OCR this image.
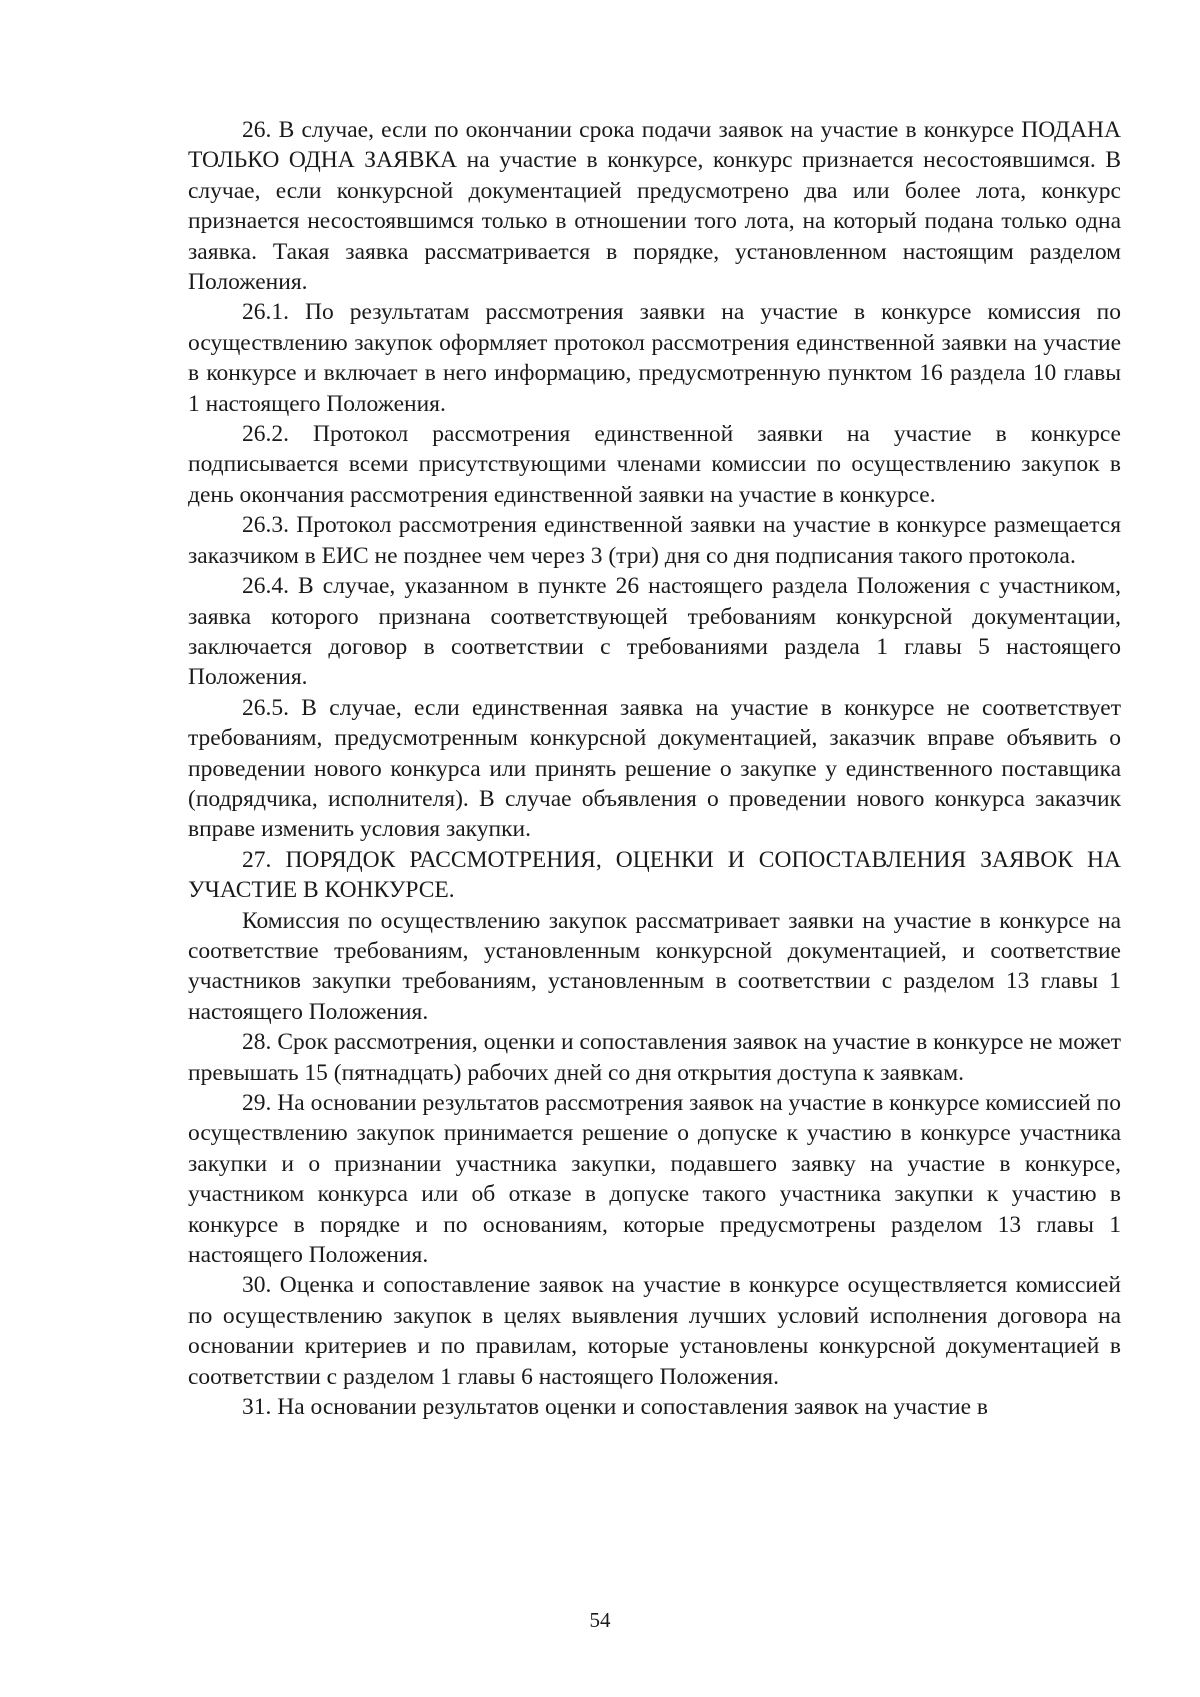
26. В случае, если по окончании срока подачи заявок на участие в конкурсе ПОДАНА ТОЛЬКО ОДНА ЗАЯВКА на участие в конкурсе, конкурс признается несостоявшимся. В случае, если конкурсной документацией предусмотрено два или более лота, конкурс признается несостоявшимся только в отношении того лота, на который подана только одна заявка. Такая заявка рассматривается в порядке, установленном настоящим разделом Положения.

26.1. По результатам рассмотрения заявки на участие в конкурсе комиссия по осуществлению закупок оформляет протокол рассмотрения единственной заявки на участие в конкурсе и включает в него информацию, предусмотренную пунктом 16 раздела 10 главы 1 настоящего Положения.

26.2. Протокол рассмотрения единственной заявки на участие в конкурсе подписывается всеми присутствующими членами комиссии по осуществлению закупок в день окончания рассмотрения единственной заявки на участие в конкурсе.

26.3. Протокол рассмотрения единственной заявки на участие в конкурсе размещается заказчиком в ЕИС не позднее чем через 3 (три) дня со дня подписания такого протокола.

26.4. В случае, указанном в пункте 26 настоящего раздела Положения с участником, заявка которого признана соответствующей требованиям конкурсной документации, заключается договор в соответствии с требованиями раздела 1 главы 5 настоящего Положения.

26.5. В случае, если единственная заявка на участие в конкурсе не соответствует требованиям, предусмотренным конкурсной документацией, заказчик вправе объявить о проведении нового конкурса или принять решение о закупке у единственного поставщика (подрядчика, исполнителя). В случае объявления о проведении нового конкурса заказчик вправе изменить условия закупки.

27. ПОРЯДОК РАССМОТРЕНИЯ, ОЦЕНКИ И СОПОСТАВЛЕНИЯ ЗАЯВОК НА УЧАСТИЕ В КОНКУРСЕ.

Комиссия по осуществлению закупок рассматривает заявки на участие в конкурсе на соответствие требованиям, установленным конкурсной документацией, и соответствие участников закупки требованиям, установленным в соответствии с разделом 13 главы 1 настоящего Положения.

28. Срок рассмотрения, оценки и сопоставления заявок на участие в конкурсе не может превышать 15 (пятнадцать) рабочих дней со дня открытия доступа к заявкам.

29. На основании результатов рассмотрения заявок на участие в конкурсе комиссией по осуществлению закупок принимается решение о допуске к участию в конкурсе участника закупки и о признании участника закупки, подавшего заявку на участие в конкурсе, участником конкурса или об отказе в допуске такого участника закупки к участию в конкурсе в порядке и по основаниям, которые предусмотрены разделом 13 главы 1 настоящего Положения.

30. Оценка и сопоставление заявок на участие в конкурсе осуществляется комиссией по осуществлению закупок в целях выявления лучших условий исполнения договора на основании критериев и по правилам, которые установлены конкурсной документацией в соответствии с разделом 1 главы 6 настоящего Положения.

31. На основании результатов оценки и сопоставления заявок на участие в

54
